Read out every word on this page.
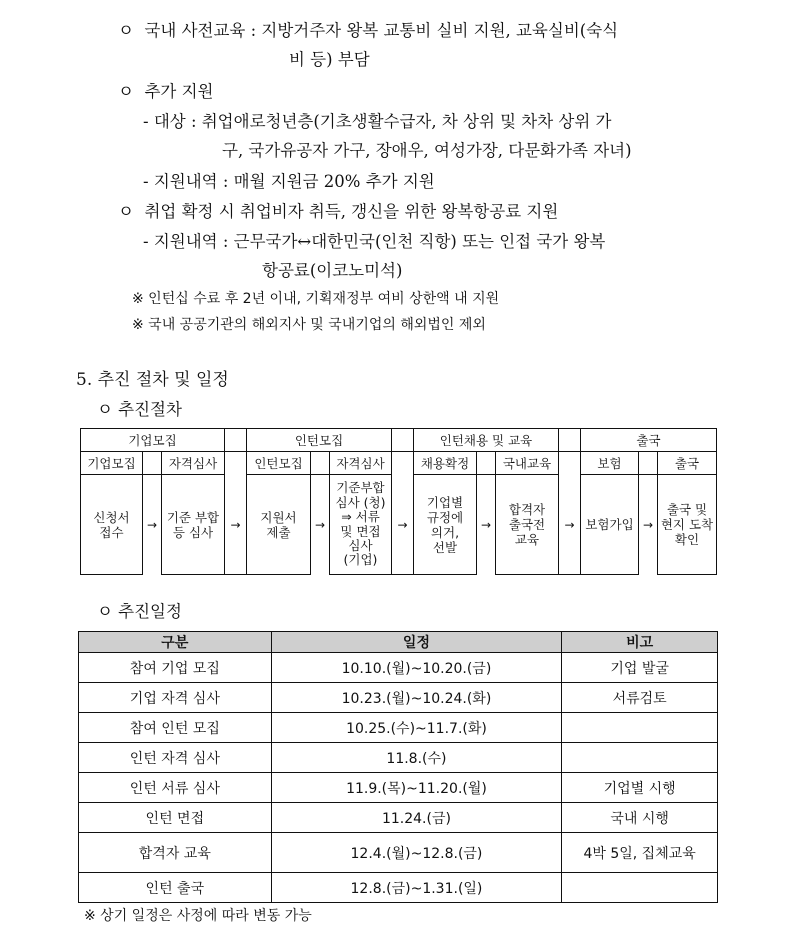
ㅇ 국내 사전교육 : 지방거주자 왕복 교통비 실비 지원, 교육실비(숙식
비 등) 부담
ㅇ 추가 지원
- 대상 : 취업애로청년층(기초생활수급자, 차 상위 및 차차 상위 가
구, 국가유공자 가구, 장애우, 여성가장, 다문화가족 자녀)
- 지원내역 : 매월 지원금 20% 추가 지원
ㅇ 취업 확정 시 취업비자 취득, 갱신을 위한 왕복항공료 지원
- 지원내역 : 근무국가↔대한민국(인천 직항) 또는 인접 국가 왕복
항공료(이코노미석)
※ 인턴십 수료 후 2년 이내, 기획재정부 여비 상한액 내 지원
※ 국내 공공기관의 해외지사 및 국내기업의 해외법인 제외
5. 추진 절차 및 일정
ㅇ 추진절차
기업모집	인턴모집	인턴채용 및 교육	출국
기업모집	자격심사	인턴모집	자격심사	채용확정	국내교육	보험	출국
신청서
접수
기준 부합
등 심사
지원서
제출
기준부합
심사 (청)
⇒ 서류
및 면접
심사
(기업)
기업별
규정에
의거,
선발
합격자
출국전
교육
보험가입
출국 및
현지 도착
확인
→	→	→	→	→	→	→
ㅇ 추진일정
구분	일정	비고
참여 기업 모집	10.10.(월)~10.20.(금)	기업 발굴
기업 자격 심사	10.23.(월)~10.24.(화)	서류검토
참여 인턴 모집	10.25.(수)~11.7.(화)	
인턴 자격 심사	11.8.(수)	
인턴 서류 심사	11.9.(목)~11.20.(월)	기업별 시행
인턴 면접	11.24.(금)	국내 시행
합격자 교육	12.4.(월)~12.8.(금)	4박 5일, 집체교육
인턴 출국	12.8.(금)~1.31.(일)	
※ 상기 일정은 사정에 따라 변동 가능
